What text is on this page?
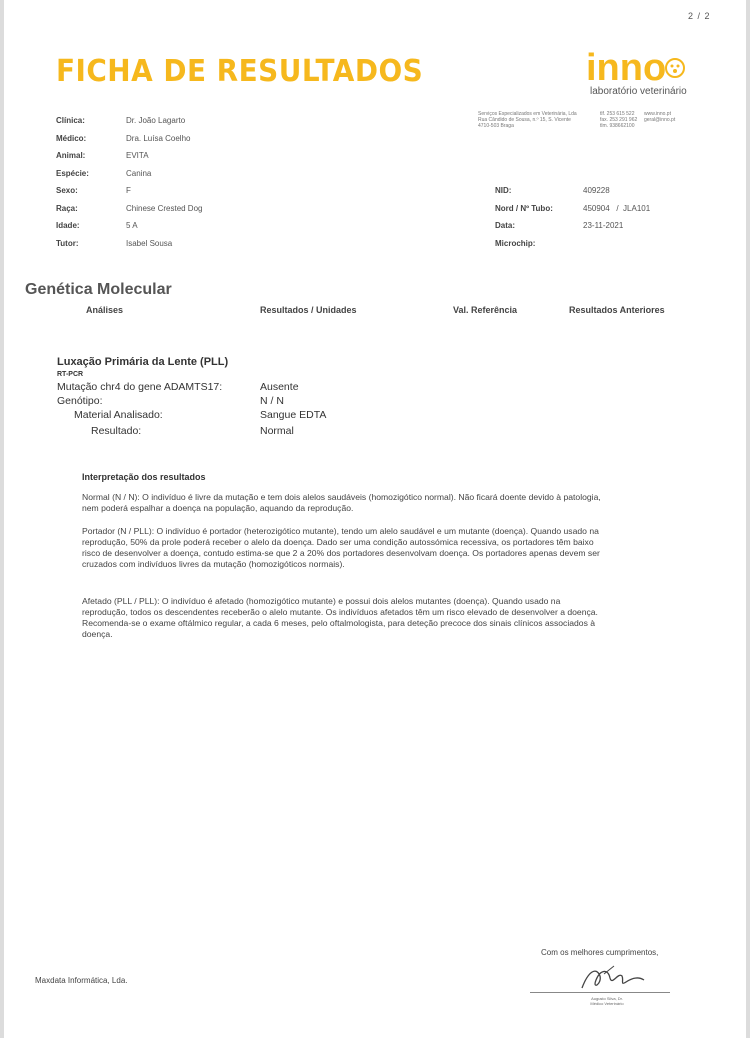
2 / 2
FICHA DE RESULTADOS	inno
laboratório veterinário
Serviços Especializados em Veterinária, Lda
Rua Cândido de Sousa, n.º 15, S. Vicente
4710-503 Braga
tlf. 253 615 522
fax. 253 291 962
tlm. 938662100
www.inno.pt
geral@inno.pt
Clínica:	Dr. João Lagarto
Médico:	Dra. Luísa Coelho
Animal:	EVITA
Espécie:	Canina
Sexo:	F
Raça:	Chinese Crested Dog
Idade:	5 A
Tutor:	Isabel Sousa
NID:	409228
Nord / Nº Tubo:	450904   /  JLA101
Data:	23-11-2021
Microchip:
Genética Molecular
Análises	Resultados / Unidades	Val. Referência	Resultados Anteriores
Luxação Primária da Lente (PLL)
RT-PCR
Mutação chr4 do gene ADAMTS17:	Ausente
Genótipo:	N / N
Material Analisado:	Sangue EDTA
Resultado:	Normal
Interpretação dos resultados
Normal (N / N): O indivíduo é livre da mutação e tem dois alelos saudáveis (homozigótico normal). Não ficará doente devido à patologia, nem poderá espalhar a doença na população, aquando da reprodução.
Portador (N / PLL): O indivíduo é portador (heterozigótico mutante), tendo um alelo saudável e um mutante (doença). Quando usado na reprodução, 50% da prole poderá receber o alelo da doença. Dado ser uma condição autossómica recessiva, os portadores têm baixo risco de desenvolver a doença, contudo estima-se que 2 a 20% dos portadores desenvolvam doença. Os portadores apenas devem ser cruzados com indivíduos livres da mutação (homozigóticos normais).
Afetado (PLL / PLL): O indivíduo é afetado (homozigótico mutante) e possui dois alelos mutantes (doença). Quando usado na reprodução, todos os descendentes receberão o alelo mutante. Os indivíduos afetados têm um risco elevado de desenvolver a doença. Recomenda-se o exame oftálmico regular, a cada 6 meses, pelo oftalmologista, para deteção precoce dos sinais clínicos associados à doença.
Com os melhores cumprimentos,
Augusto Silva, Dr.
Médico Veterinário
Maxdata Informática, Lda.
